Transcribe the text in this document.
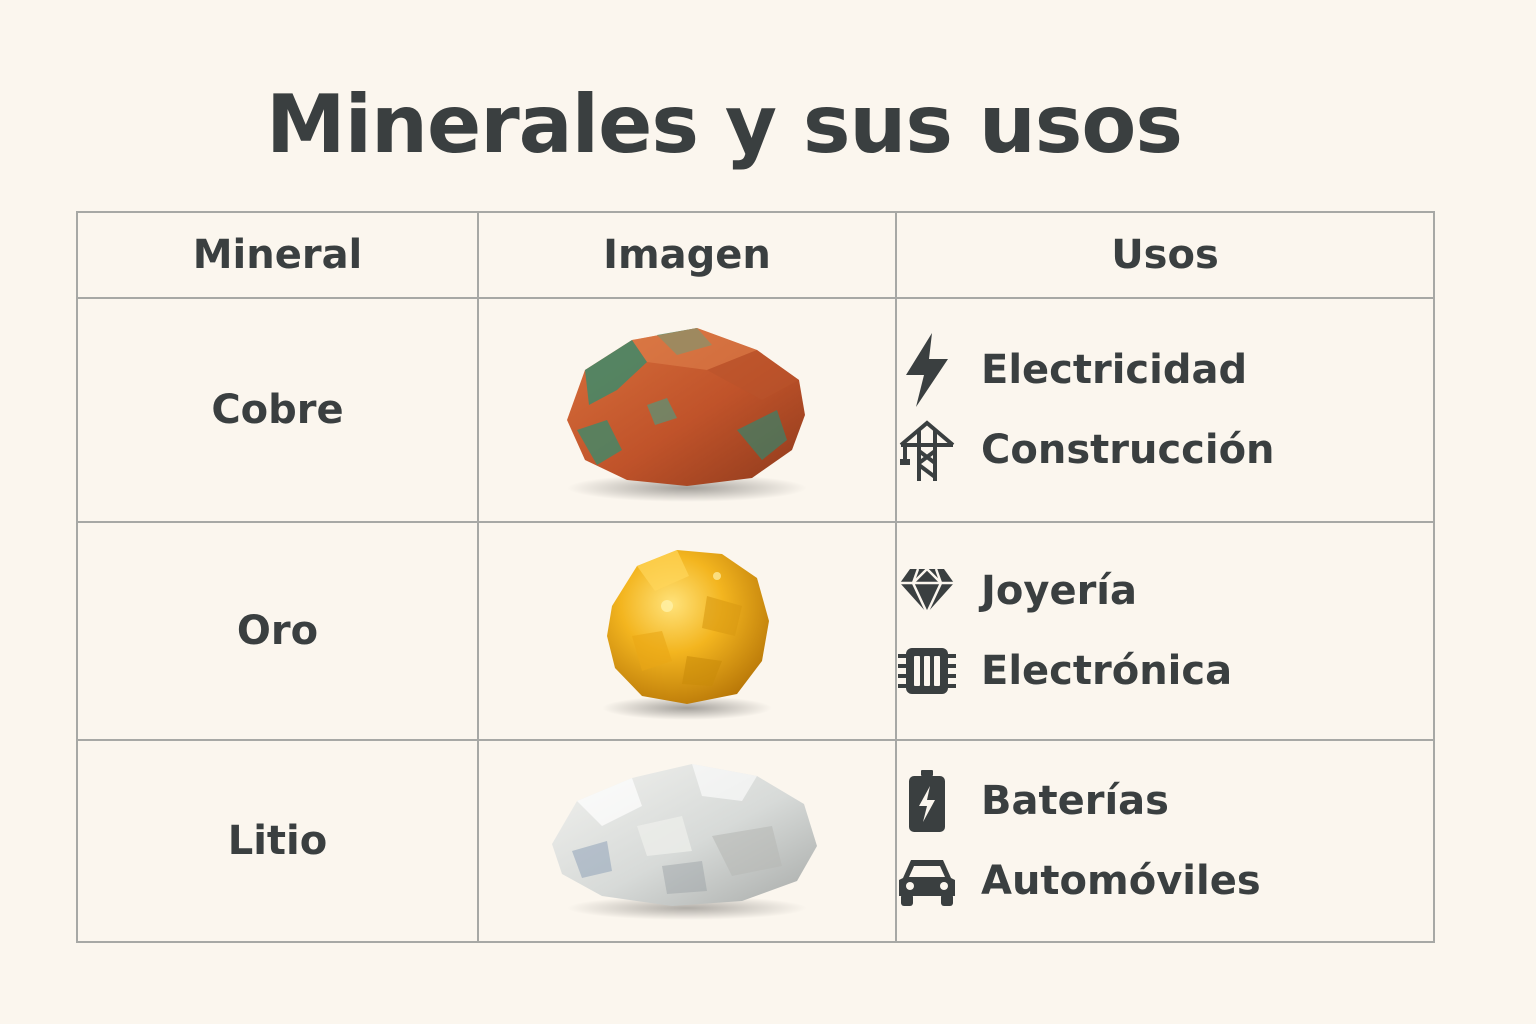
Minerales y sus usos
Mineral	Imagen	Usos
Cobre		Electricidad
Construcción

Oro		Joyería
Electrónica

Litio		Baterías
Automóviles
